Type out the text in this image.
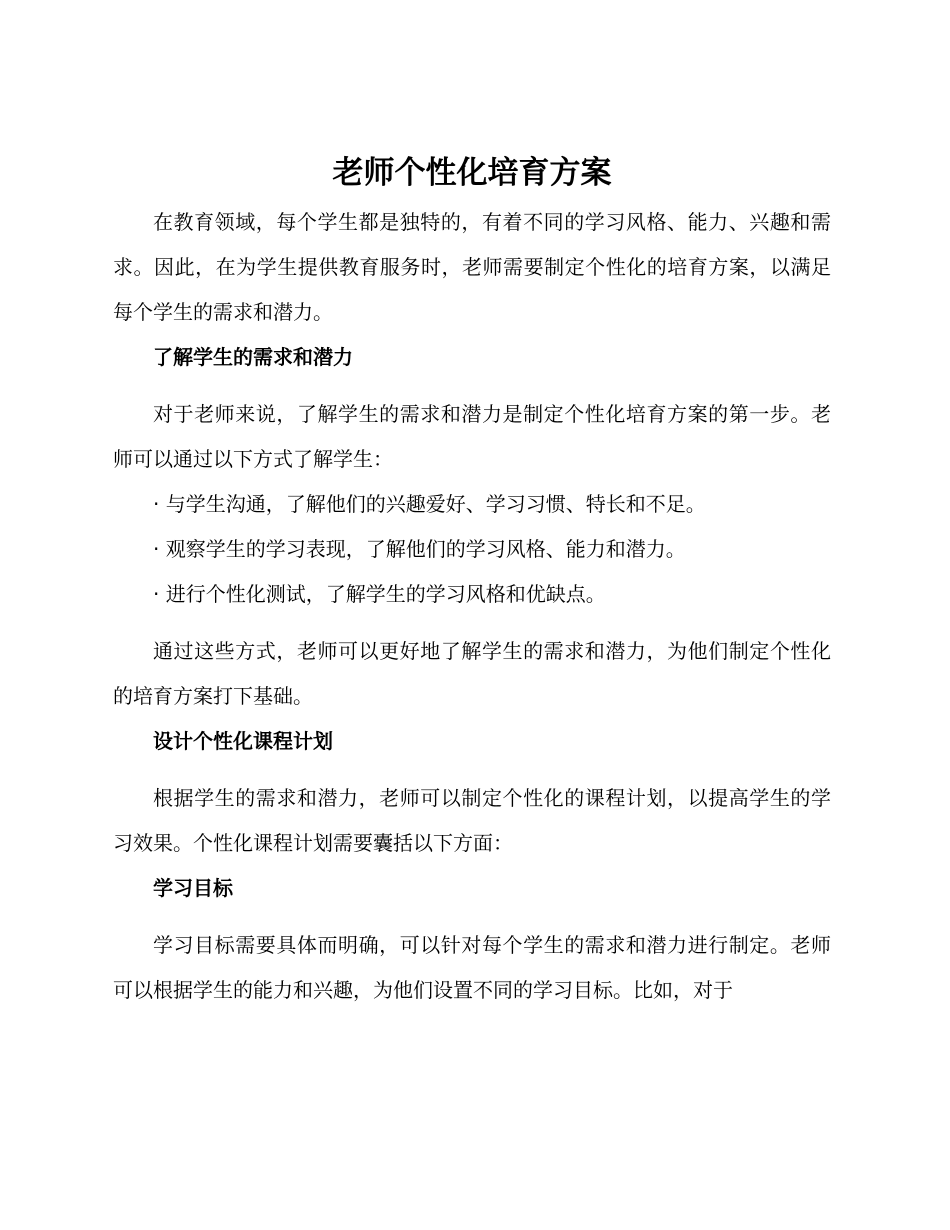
老师个性化培育方案

在教育领域，每个学生都是独特的，有着不同的学习风格、能力、兴趣和需求。因此，在为学生提供教育服务时，老师需要制定个性化的培育方案，以满足每个学生的需求和潜力。

了解学生的需求和潜力

对于老师来说，了解学生的需求和潜力是制定个性化培育方案的第一步。老师可以通过以下方式了解学生：

· 与学生沟通，了解他们的兴趣爱好、学习习惯、特长和不足。

· 观察学生的学习表现，了解他们的学习风格、能力和潜力。

· 进行个性化测试，了解学生的学习风格和优缺点。

通过这些方式，老师可以更好地了解学生的需求和潜力，为他们制定个性化的培育方案打下基础。

设计个性化课程计划

根据学生的需求和潜力，老师可以制定个性化的课程计划，以提高学生的学习效果。个性化课程计划需要囊括以下方面：

学习目标

学习目标需要具体而明确，可以针对每个学生的需求和潜力进行制定。老师可以根据学生的能力和兴趣，为他们设置不同的学习目标。比如，对于
